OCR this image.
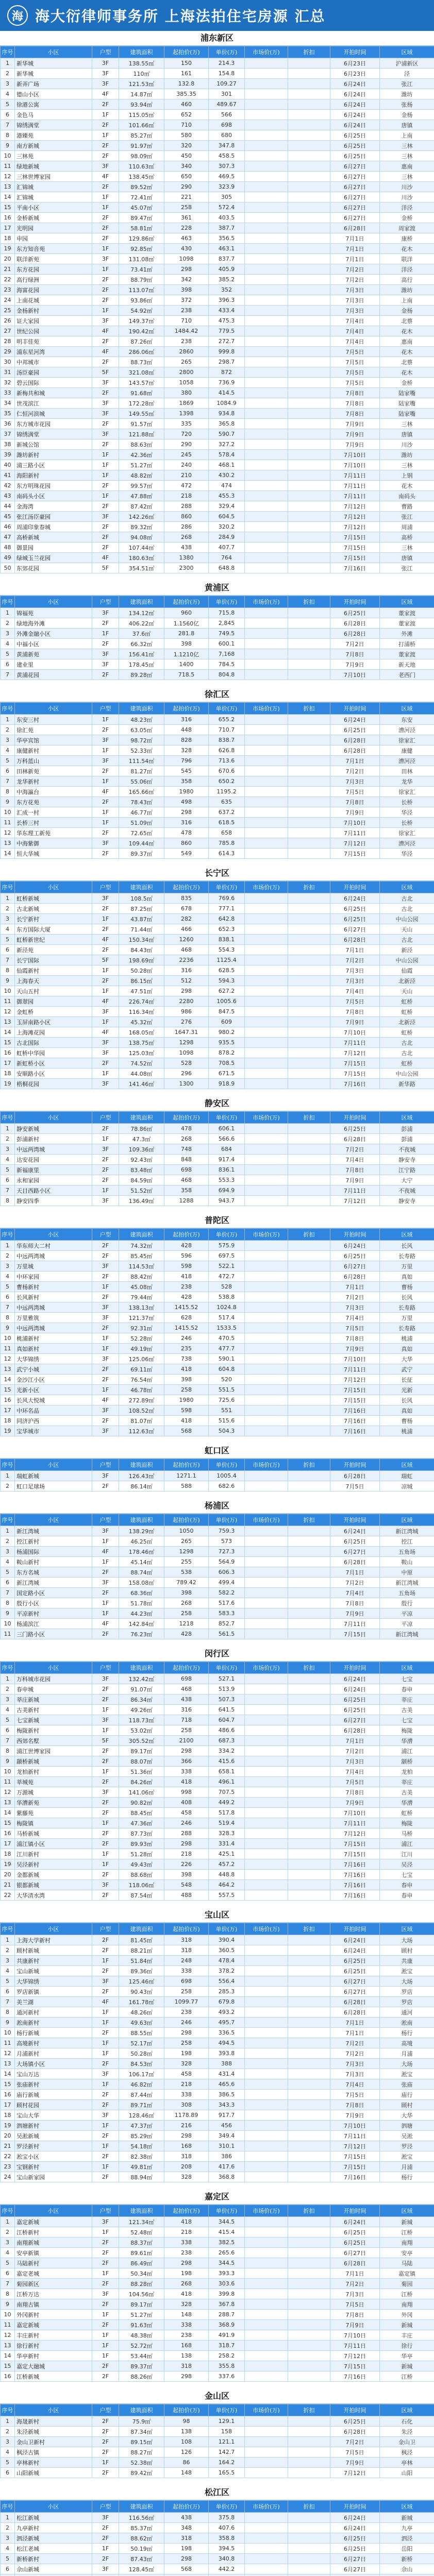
海 海大衍律师事务所 上海法拍住宅房源 汇总
浦东新区
序号	小区	户型	建筑面积	起拍价(万)	单价(万)	市场价(万)	折扣	开拍时间	区域
1	新华城	3F	138.55㎡	150	214.3			6月23日	沪浦新区
2	新华城	3F	110㎡	161	154.8			6月23日	泾
3	新弄广场	3F	121.53㎡	132.8	109.27			6月24日	张江
4	德山小区	4F	14.87㎡	385.35	301			6月24日	潍坊
5	徐港公寓	2F	93.94㎡	460	489.67			6月24日	张杨
6	金色马	1F	115.05㎡	652	566			6月24日	金杨
7	锦绣满堂	2F	101.66㎡	710	698			6月24日	唐镇
8	港臻苑	1F	85.27㎡	580	680			6月25日	上南
9	南方新城	2F	91.97㎡	320	347.8			6月25日	三林
10	三林苑	2F	98.09㎡	450	458.5			6月25日	三林
11	绿地新城	3F	110.63㎡	340	307.3			6月27日	惠南
12	三林世博家园	4F	138.45㎡	650	469.5			6月27日	三林
13	汇锦城	2F	89.52㎡	290	323.9			6月27日	川沙
14	汇锦城	1F	72.41㎡	221	305			6月27日	川沙
15	平南小区	1F	45.07㎡	258	572.4			6月27日	洋泾
16	金桥新城	2F	89.47㎡	361	403.5			6月27日	金桥
17	光明园	2F	58.81㎡	228	387.7			6月28日	周家渡
18	申园	2F	129.86㎡	463	356.5			7月1日	康桥
19	东方知音苑	1F	92.85㎡	430	463.1			7月1日	花木
20	联洋新苑	3F	131.08㎡	1098	837.7			7月1日	联洋
21	东方花园	1F	73.41㎡	298	405.9			7月2日	洋泾
22	高行绿洲	2F	88.79㎡	342	385.2			7月2日	高行
23	海富花园	2F	113.07㎡	398	352			7月3日	潍坊
24	上南花城	2F	93.86㎡	372	396.3			7月3日	上南
25	金杨新村	1F	54.92㎡	238	433.4			7月3日	金杨
26	证大家园	3F	149.37㎡	710	475.3			7月4日	北蔡
27	世纪公园	4F	190.42㎡	1484.42	779.5			7月4日	花木
28	明丰佳苑	2F	87.26㎡	238	272.7			7月4日	惠南
29	浦东星河湾	4F	286.06㎡	2860	999.8			7月5日	花木
30	中邦城市	2F	88.73㎡	265	298.7			7月5日	北蔡
31	汤臣豪园	5F	321.08㎡	2800	872			7月5日	花木
32	碧云国际	3F	143.57㎡	1058	736.9			7月5日	金桥
33	新梅共和城	2F	91.68㎡	380	414.5			7月8日	陆家嘴
34	世茂滨江	3F	172.28㎡	1869	1084.9			7月8日	陆家嘴
35	仁恒河滨城	3F	149.55㎡	1398	934.8			7月8日	陆家嘴
36	东方城市花园	2F	91.57㎡	335	365.8			7月9日	三林
37	锦绣满堂	3F	121.88㎡	720	590.7			7月9日	唐镇
38	新城公馆	2F	88.63㎡	290	327.2			7月9日	川沙
39	潍坊新村	1F	42.36㎡	245	578.4			7月10日	潍坊
40	浦三路小区	1F	51.27㎡	240	468.1			7月10日	三林
41	海阳新村	1F	48.82㎡	210	430.2			7月11日	上钢
42	东方明珠花园	2F	99.57㎡	472	474			7月11日	花木
43	南码头小区	1F	47.88㎡	218	455.3			7月11日	南码头
44	金海湾	2F	87.42㎡	288	329.4			7月12日	曹路
45	张江汤臣豪园	3F	142.26㎡	860	604.5			7月12日	张江
46	周浦印象春城	2F	89.32㎡	286	320.2			7月12日	周浦
47	高桥新城	2F	94.08㎡	268	284.9			7月15日	高桥
48	御景园	2F	107.44㎡	438	407.7			7月15日	三林
49	绿城玉兰花园	4F	180.63㎡	1380	764			7月15日	唐镇
50	东郊花园	5F	354.51㎡	2300	648.8			7月16日	张江
黄浦区
序号	小区	户型	建筑面积	起拍价(万)	单价(万)	市场价(万)	折扣	开拍时间	区域
1	锦福苑	3F	134.12㎡	960	715.8			6月25日	董家渡
2	绿地海外滩	2F	406.22㎡	1.1560亿	2,845			6月28日	董家渡
3	外滩金融小区	1F	37.6㎡	281.8	749.5			6月28日	外滩
4	中福小区	2F	66.32㎡	398	600.1			7月2日	打浦桥
5	黄浦新苑	3F	156.41㎡	1.1210亿	7,168			7月8日	董家渡
6	建业里	3F	178.45㎡	1400	784.5			7月9日	新天地
7	黄浦花园	2F	89.28㎡	718.5	804.8			7月10日	老西门
徐汇区
序号	小区	户型	建筑面积	起拍价(万)	单价(万)	市场价(万)	折扣	开拍时间	区域
1	东安三村	1F	48.23㎡	316	655.2			6月24日	东安
2	徐汇苑	2F	63.05㎡	448	710.7			6月25日	漕河泾
3	华亭宾馆	3F	98.72㎡	828	838.7			6月28日	徐家汇
4	康健新村	1F	52.33㎡	328	626.8			6月28日	康健
5	万科蓝山	3F	111.54㎡	796	713.6			7月1日	漕河泾
6	田林新苑	2F	81.27㎡	545	670.6			7月2日	田林
7	龙华新村	1F	55.06㎡	358	650.2			7月3日	龙华
8	中海瀛台	4F	165.66㎡	1980	1195.2			7月5日	徐家汇
9	东方花苑	2F	78.43㎡	498	635			7月8日	长桥
10	汇成一村	1F	46.77㎡	298	637.2			7月9日	华泾
11	长桥三村	1F	51.09㎡	316	618.5			7月10日	长桥
12	华东理工新苑	2F	72.65㎡	478	658			7月11日	徐家汇
13	中海紫御	3F	109.44㎡	860	785.8			7月12日	漕河泾
14	恒大华城	2F	89.37㎡	549	614.3			7月15日	华泾
长宁区
序号	小区	户型	建筑面积	起拍价(万)	单价(万)	市场价(万)	折扣	开拍时间	区域
1	虹桥新城	3F	108.5㎡	835	769.6			6月24日	古北
2	古北新城	2F	87.25㎡	678	777.1			6月25日	古北
3	长宁新村	1F	43.87㎡	282	642.8			6月25日	中山公园
4	东方国际大厦	2F	71.44㎡	466	652.3			6月27日	天山
5	虹桥新世纪	4F	150.34㎡	1260	838.1			6月28日	古北
6	新泾苑	2F	84.43㎡	468	554.3			7月1日	新泾
7	长宁国际	5F	198.69㎡	2236	1125.4			7月2日	中山公园
8	仙霞新村	1F	50.28㎡	316	628.5			7月3日	仙霞
9	上海春天	2F	86.15㎡	512	594.3			7月3日	北新泾
10	天山五村	1F	47.51㎡	298	627.2			7月4日	天山
11	御翠园	4F	226.74㎡	2280	1005.6			7月5日	虹桥
12	金虹桥	3F	116.34㎡	986	847.5			7月8日	虹桥
13	玉屏南路小区	1F	45.32㎡	276	609			7月9日	北新泾
14	上海滩花园	4F	168.05㎡	1647.31	980.2			7月10日	虹桥
15	古北国际	3F	138.75㎡	1298	935.5			7月11日	古北
16	虹桥中华园	3F	125.03㎡	1098	878.2			7月12日	古北
17	新虹桥小区	2F	74.52㎡	528	708.5			7月15日	虹桥
18	安顺路小区	1F	44.08㎡	296	671.5			7月15日	中山公园
19	梧桐花园	3F	141.46㎡	1300	918.9			7月16日	新华路
静安区
序号	小区	户型	建筑面积	起拍价(万)	单价(万)	市场价(万)	折扣	开拍时间	区域
1	静安新城	2F	78.86㎡	478	606.1			6月25日	彭浦
2	彭浦新村	1F	47.3㎡	268	566.6			6月28日	彭浦
3	中远两湾城	3F	109.36㎡	748	684			7月2日	不夜城
4	达安花园	2F	92.43㎡	848	917.4			7月4日	静安寺
5	新福康里	2F	83.48㎡	698	836.1			7月8日	江宁路
6	永和家园	2F	84.59㎡	468	553.3			7月9日	大宁
7	天目西路小区	1F	51.52㎡	358	694.9			7月11日	不夜城
8	静安四季	3F	136.49㎡	1288	943.7			7月12日	静安寺
普陀区
序号	小区	户型	建筑面积	起拍价(万)	单价(万)	市场价(万)	折扣	开拍时间	区域
1	华东师大二村	2F	74.32㎡	428	575.9			6月24日	长风
2	中远两湾城	2F	85.45㎡	596	697.5			6月25日	长寿路
3	万里城	3F	114.53㎡	598	522.1			6月27日	万里
4	中环家园	2F	88.42㎡	418	472.7			6月28日	真如
5	曹杨新村	1F	45.08㎡	238	528			7月1日	曹杨
6	长风新村	2F	79.44㎡	428	538.8			7月2日	长风
7	中远两湾城	3F	138.13㎡	1415.52	1024.8			7月3日	长寿路
8	万里雅筑	3F	121.37㎡	628	517.4			7月4日	万里
9	中远两湾城	2F	92.31㎡	1415.52	1533.5			7月5日	长寿路
10	桃浦新村	1F	52.28㎡	246	470.5			7月8日	桃浦
11	真如新村	1F	49.19㎡	235	477.7			7月9日	真如
12	大华锦绣	3F	125.06㎡	738	590.1			7月10日	大华
13	武宁小城	2F	69.11㎡	418	604.8			7月11日	武宁
14	金沙江小区	2F	76.54㎡	398	520			7月12日	长征
15	光新小区	1F	46.78㎡	258	551.5			7月15日	光新
16	长风大悦城	4F	272.89㎡	1980	725.6			7月15日	长风
17	中环名品	3F	108.52㎡	598	551			7月16日	真如
18	同济沪西	2F	81.07㎡	418	515.6			7月16日	曹杨
19	宝华城市	3F	112.63㎡	568	504.3			7月16日	桃浦
虹口区
序号	小区	户型	建筑面积	起拍价(万)	单价(万)	市场价(万)	折扣	开拍时间	区域
1	瑞虹新城	3F	126.43㎡	1271.1	1005.4			6月28日	瑞虹
2	虹口足球场	2F	86.14㎡	588	682.6			7月5日	凉城
杨浦区
序号	小区	户型	建筑面积	起拍价(万)	单价(万)	市场价(万)	折扣	开拍时间	区域
1	新江湾城	3F	138.29㎡	1050	759.3			6月24日	新江湾城
2	控江新村	1F	46.25㎡	265	573			6月25日	控江
3	杨浦国际	4F	178.46㎡	1298	727.3			6月27日	五角场
4	鞍山新村	1F	45.14㎡	255	564.9			6月28日	鞍山
5	东方名城	2F	88.74㎡	538	606.3			7月1日	中原
6	新江湾城	3F	158.08㎡	789.42	499.4			7月2日	新江湾城
7	国定路小区	2F	68.36㎡	398	582.2			7月4日	五角场
8	殷行小区	1F	51.78㎡	268	517.6			7月8日	殷行
9	平凉新村	1F	44.23㎡	258	583.3			7月9日	平凉
10	杨浦滨江	4F	142.84㎡	1218	852.7			7月11日	平凉
11	三门路小区	2F	76.23㎡	428	561.5			7月15日	新江湾城
闵行区
序号	小区	户型	建筑面积	起拍价(万)	单价(万)	市场价(万)	折扣	开拍时间	区域
1	万科城市花园	3F	132.42㎡	698	527.1			6月24日	七宝
2	春申城	2F	91.07㎡	468	513.9			6月24日	春申
3	莘庄新城	2F	86.34㎡	438	507.3			6月25日	莘庄
4	古美新村	1F	49.26㎡	316	641.5			6月25日	古美
5	七宝新城	3F	118.73㎡	718	604.7			6月27日	七宝
6	梅陇新村	1F	53.02㎡	258	486.6			6月28日	梅陇
7	西郊名墅	5F	305.52㎡	2100	687.3			7月1日	华漕
8	浦江世博家园	2F	89.17㎡	298	334.2			7月2日	浦江
9	颛桥新城	2F	88.07㎡	366	415.6			7月3日	颛桥
10	龙柏新村	1F	51.36㎡	338	658.1			7月4日	龙柏
11	莘城苑	2F	84.26㎡	418	496.1			7月5日	莘庄
12	万源城	3F	141.06㎡	998	707.5			7月8日	古美
13	华漕新苑	2F	90.82㎡	408	449.2			7月9日	华漕
14	紫藤苑	2F	88.45㎡	458	517.8			7月10日	虹桥
15	梅陇镇	1F	47.36㎡	246	519.4			7月11日	梅陇
16	马桥新城	2F	87.73㎡	288	328.3			7月12日	马桥
17	浦江镇小区	2F	89.93㎡	298	331.4			7月15日	浦江
18	江川新村	1F	51.28㎡	218	425.1			7月15日	江川
19	吴泾新村	1F	49.43㎡	226	457.2			7月16日	吴泾
20	金都新城	2F	88.68㎡	398	448.8			7月16日	七宝
21	银都新城	3F	118.06㎡	548	464.2			7月16日	春申
22	大华清水湾	2F	87.54㎡	488	557.5			7月16日	春申
宝山区
序号	小区	户型	建筑面积	起拍价(万)	单价(万)	市场价(万)	折扣	开拍时间	区域
1	上海大学新村	2F	81.45㎡	318	390.4			6月24日	大场
2	顾村新城	2F	88.21㎡	318	360.5			6月24日	顾村
3	共康新村	1F	51.84㎡	248	478.4			6月25日	共康
4	宝山新城	2F	89.36㎡	338	378.2			6月25日	淞宝
5	大华锦绣	3F	125.46㎡	698	556.4			6月27日	大场
6	罗店新镇	2F	90.43㎡	258	285.3			6月27日	罗店
7	美兰湖	4F	161.78㎡	1099.77	679.8			6月28日	罗店
8	通河新村	1F	48.26㎡	238	493.2			6月28日	通河
9	淞南新村	1F	49.63㎡	246	495.7			7月1日	淞南
10	杨行新城	2F	88.55㎡	298	336.5			7月1日	杨行
11	高境新村	1F	52.17㎡	258	494.5			7月2日	高境
12	月浦新村	1F	50.28㎡	198	393.8			7月2日	月浦
13	大场镇小区	2F	84.53㎡	328	388			7月3日	大场
14	宝山万达	3F	106.17㎡	458	431.4			7月3日	淞宝
15	张庙新村	1F	46.82㎡	218	465.6			7月4日	张庙
16	庙行新城	2F	87.44㎡	338	386.5			7月5日	庙行
17	顾村花园	2F	89.71㎡	308	343.3			7月8日	顾村
18	宝山大华	3F	128.46㎡	1178.89	917.7			7月9日	大华
19	泗塘新村	1F	47.37㎡	216	456			7月10日	泗塘
20	吴淞新城	2F	85.29㎡	298	349.4			7月11日	吴淞
21	罗泾新村	1F	54.18㎡	168	310.1			7月12日	罗泾
22	淞宝小区	2F	82.38㎡	318	386			7月15日	淞宝
23	宝钢新村	1F	49.81㎡	208	417.6			7月15日	月浦
24	宝山新家园	2F	88.94㎡	328	368.8			7月16日	杨行
嘉定区
序号	小区	户型	建筑面积	起拍价(万)	单价(万)	市场价(万)	折扣	开拍时间	区域
1	嘉定新城	3F	121.34㎡	418	344.5			6月24日	新城
2	江桥新村	1F	52.48㎡	218	415.4			6月25日	江桥
3	南翔新城	2F	88.37㎡	338	382.5			6月25日	南翔
4	安亭新镇	2F	89.61㎡	238	265.6			6月27日	安亭
5	马陆新村	2F	86.49㎡	298	344.5			6月28日	马陆
6	嘉定老城	1F	50.34㎡	198	393.3			7月1日	嘉定镇
7	菊园新区	2F	88.28㎡	268	303.6			7月2日	菊园
8	江桥万达	3F	104.56㎡	418	399.8			7月3日	江桥
9	南翔古镇	2F	89.17㎡	328	367.8			7月5日	南翔
10	外冈新村	1F	51.27㎡	148	288.7			7月8日	外冈
11	嘉定新城	2F	91.63㎡	338	368.9			7月9日	新城
12	丰庄新村	1F	48.38㎡	238	491.9			7月10日	丰庄
13	徐行新村	1F	52.72㎡	168	318.7			7月11日	徐行
14	华亭新村	1F	53.44㎡	138	258.2			7月12日	华亭
15	嘉定大融城	2F	89.37㎡	318	355.8			7月15日	新城
16	江桥新城	2F	88.26㎡	298	337.6			7月16日	江桥
金山区
序号	小区	户型	建筑面积	起拍价(万)	单价(万)	市场价(万)	折扣	开拍时间	区域
1	海晟新村	2F	75.9㎡	98	129.1			6月25日	石化
2	朱泾新城	2F	87.34㎡	138	158			6月28日	朱泾
3	金山卫新村	2F	89.15㎡	108	121.1			7月2日	金山卫
4	枫泾古镇	2F	88.27㎡	126	142.7			7月5日	枫泾
5	亭林新村	1F	52.38㎡	86	164.2			7月9日	亭林
6	山阳新城	2F	89.42㎡	148	165.5			7月12日	山阳
松江区
序号	小区	户型	建筑面积	起拍价(万)	单价(万)	市场价(万)	折扣	开拍时间	区域
1	松江新城	3F	116.56㎡	438	375.8			6月24日	新城
2	九亭新村	2F	85.37㎡	348	407.6			6月24日	九亭
3	泗泾新城	2F	88.62㎡	318	358.8			6月25日	泗泾
4	松江老城	1F	50.19㎡	198	394.5			6月25日	岳阳
5	新桥新村	2F	87.43㎡	298	340.8			6月27日	新桥
6	佘山新城	3F	128.45㎡	568	442.2			6月27日	佘山
